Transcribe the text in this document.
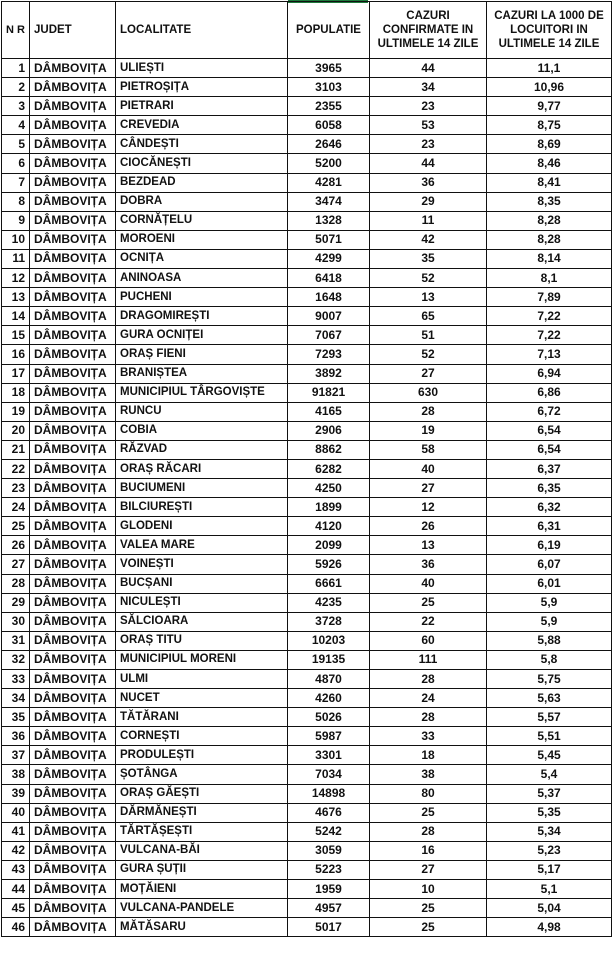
N R	JUDET	LOCALITATE	POPULATIE	CAZURI CONFIRMATE IN ULTIMELE 14 ZILE	CAZURI LA 1000 DE LOCUITORI IN ULTIMELE 14 ZILE
1	DÂMBOVIȚA	ULIEȘTI	3965	44	11,1
2	DÂMBOVIȚA	PIETROȘIȚA	3103	34	10,96
3	DÂMBOVIȚA	PIETRARI	2355	23	9,77
4	DÂMBOVIȚA	CREVEDIA	6058	53	8,75
5	DÂMBOVIȚA	CÂNDEȘTI	2646	23	8,69
6	DÂMBOVIȚA	CIOCĂNEȘTI	5200	44	8,46
7	DÂMBOVIȚA	BEZDEAD	4281	36	8,41
8	DÂMBOVIȚA	DOBRA	3474	29	8,35
9	DÂMBOVIȚA	CORNĂȚELU	1328	11	8,28
10	DÂMBOVIȚA	MOROENI	5071	42	8,28
11	DÂMBOVIȚA	OCNIȚA	4299	35	8,14
12	DÂMBOVIȚA	ANINOASA	6418	52	8,1
13	DÂMBOVIȚA	PUCHENI	1648	13	7,89
14	DÂMBOVIȚA	DRAGOMIREȘTI	9007	65	7,22
15	DÂMBOVIȚA	GURA OCNIȚEI	7067	51	7,22
16	DÂMBOVIȚA	ORAȘ FIENI	7293	52	7,13
17	DÂMBOVIȚA	BRANIȘTEA	3892	27	6,94
18	DÂMBOVIȚA	MUNICIPIUL TÂRGOVIȘTE	91821	630	6,86
19	DÂMBOVIȚA	RUNCU	4165	28	6,72
20	DÂMBOVIȚA	COBIA	2906	19	6,54
21	DÂMBOVIȚA	RĂZVAD	8862	58	6,54
22	DÂMBOVIȚA	ORAȘ RĂCARI	6282	40	6,37
23	DÂMBOVIȚA	BUCIUMENI	4250	27	6,35
24	DÂMBOVIȚA	BILCIUREȘTI	1899	12	6,32
25	DÂMBOVIȚA	GLODENI	4120	26	6,31
26	DÂMBOVIȚA	VALEA MARE	2099	13	6,19
27	DÂMBOVIȚA	VOINEȘTI	5926	36	6,07
28	DÂMBOVIȚA	BUCȘANI	6661	40	6,01
29	DÂMBOVIȚA	NICULEȘTI	4235	25	5,9
30	DÂMBOVIȚA	SĂLCIOARA	3728	22	5,9
31	DÂMBOVIȚA	ORAȘ TITU	10203	60	5,88
32	DÂMBOVIȚA	MUNICIPIUL MORENI	19135	111	5,8
33	DÂMBOVIȚA	ULMI	4870	28	5,75
34	DÂMBOVIȚA	NUCET	4260	24	5,63
35	DÂMBOVIȚA	TĂTĂRANI	5026	28	5,57
36	DÂMBOVIȚA	CORNEȘTI	5987	33	5,51
37	DÂMBOVIȚA	PRODULEȘTI	3301	18	5,45
38	DÂMBOVIȚA	ȘOTÂNGA	7034	38	5,4
39	DÂMBOVIȚA	ORAȘ GĂEȘTI	14898	80	5,37
40	DÂMBOVIȚA	DĂRMĂNEȘTI	4676	25	5,35
41	DÂMBOVIȚA	TĂRTĂȘEȘTI	5242	28	5,34
42	DÂMBOVIȚA	VULCANA-BĂI	3059	16	5,23
43	DÂMBOVIȚA	GURA ȘUȚII	5223	27	5,17
44	DÂMBOVIȚA	MOȚĂIENI	1959	10	5,1
45	DÂMBOVIȚA	VULCANA-PANDELE	4957	25	5,04
46	DÂMBOVIȚA	MĂTĂSARU	5017	25	4,98
